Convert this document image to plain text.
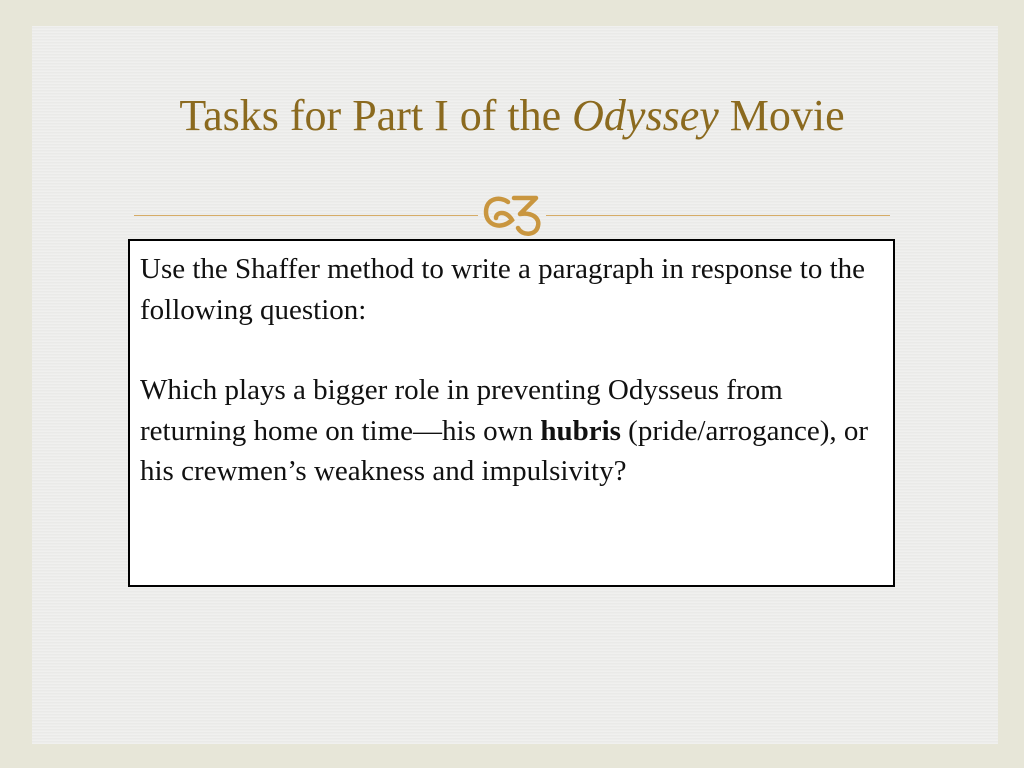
Tasks for Part I of the Odyssey Movie

Use the Shaffer method to write a paragraph in response to the following question:

Which plays a bigger role in preventing Odysseus from returning home on time—his own hubris (pride/arrogance), or his crewmen’s weakness and impulsivity?
